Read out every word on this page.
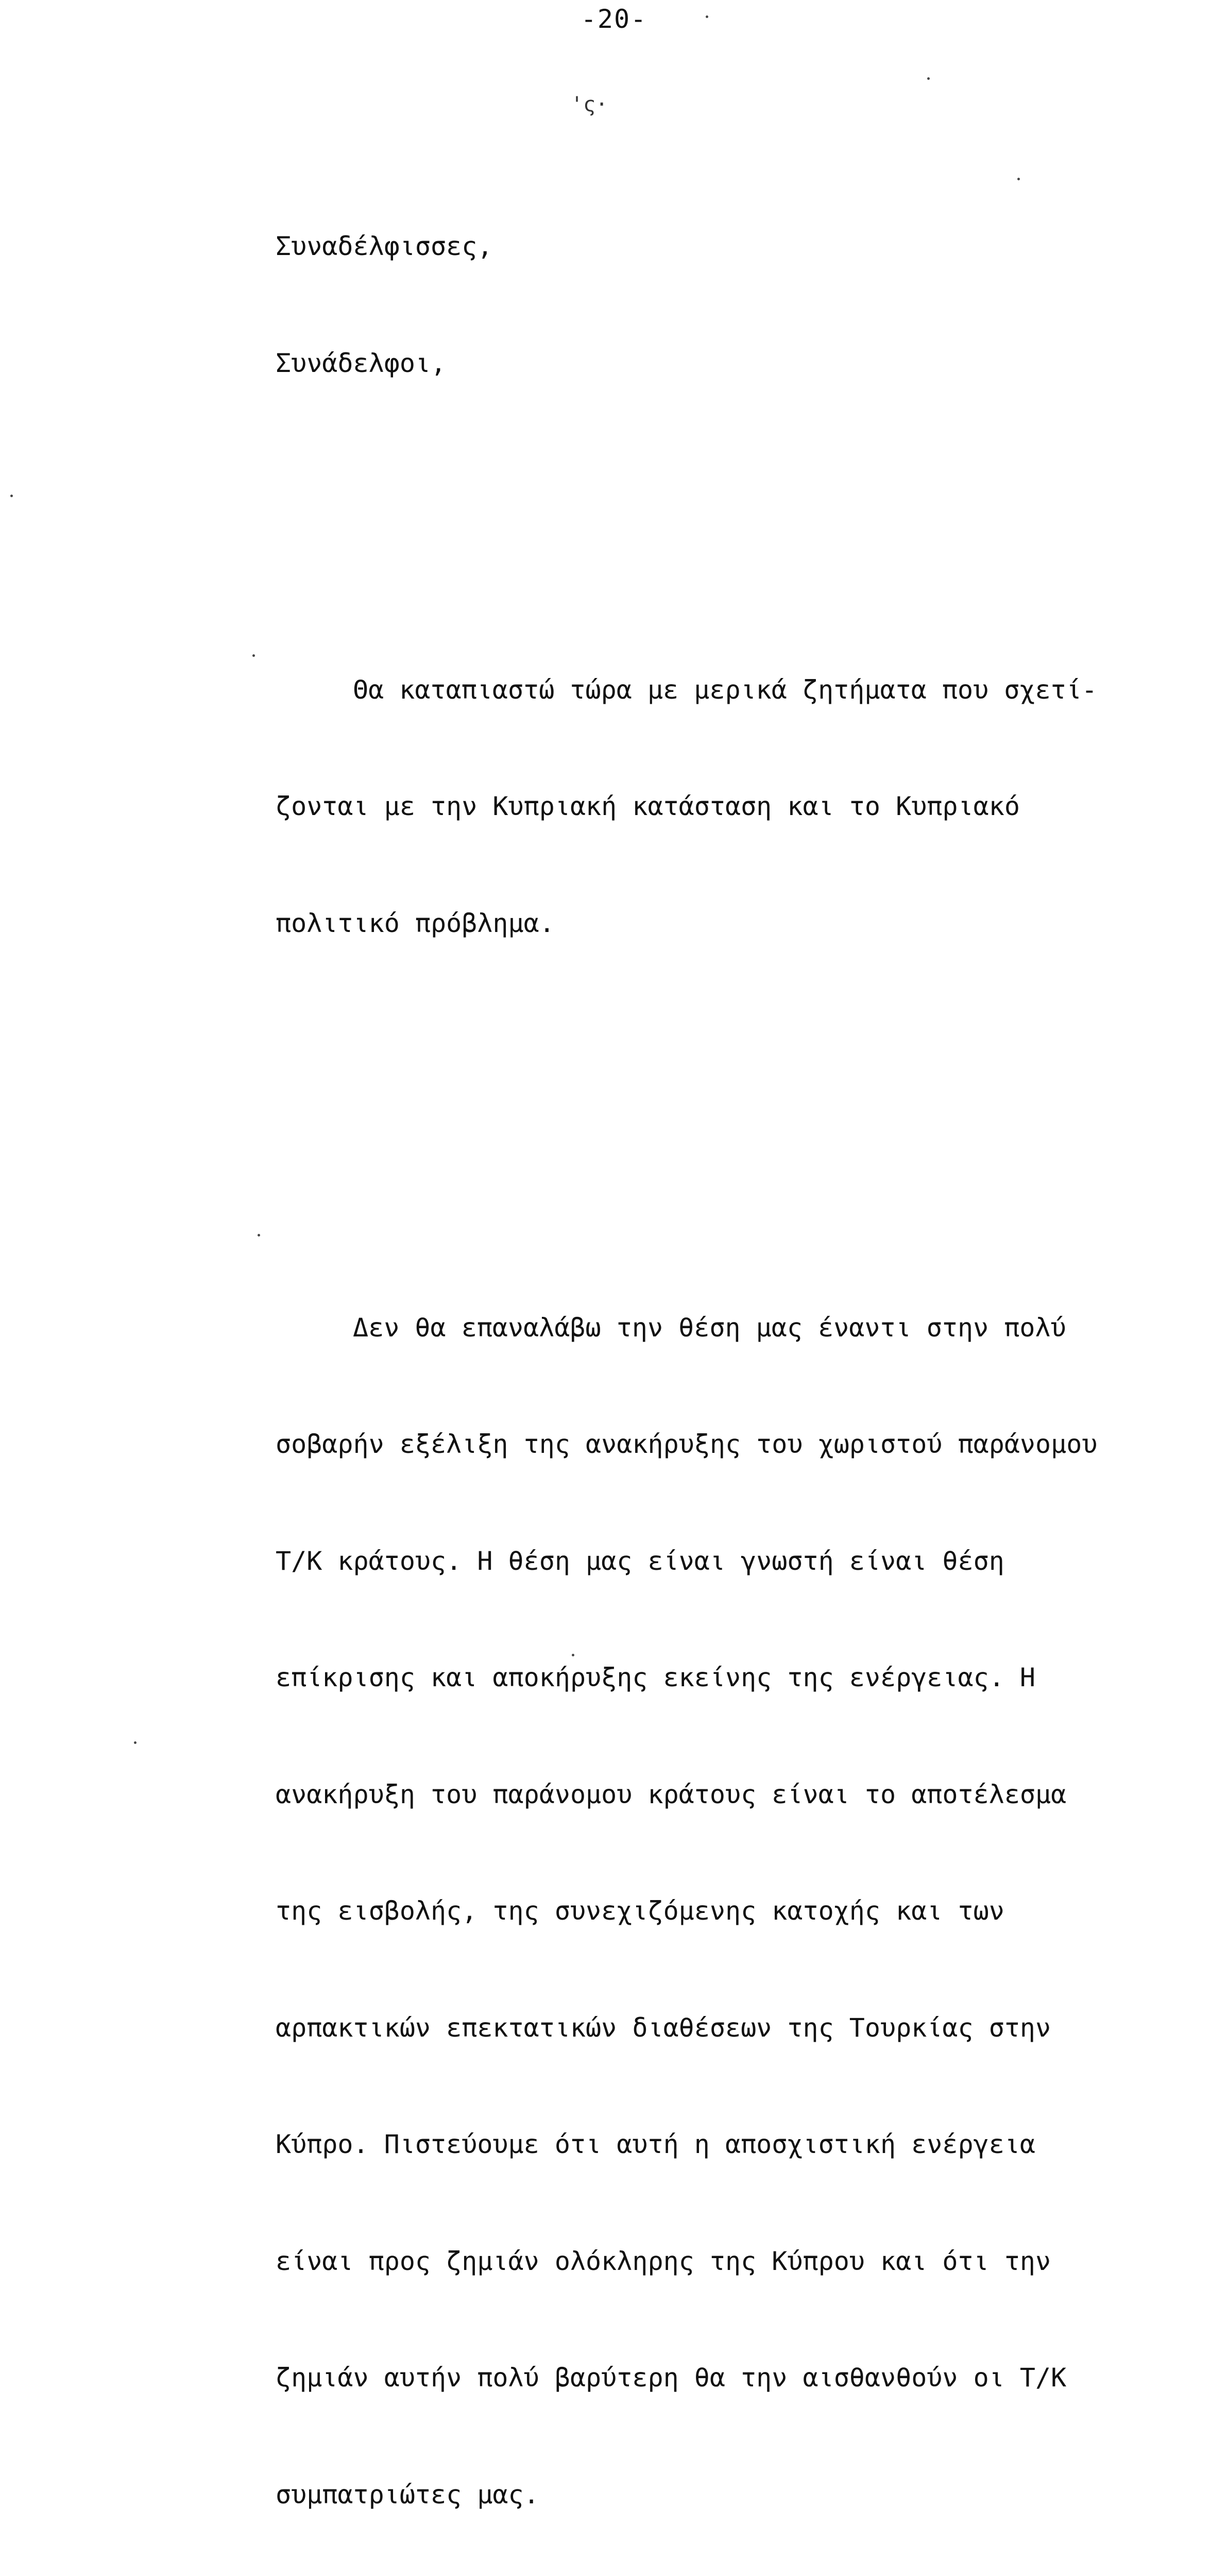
-20-
'ς·

Συναδέλφισσες,

Συνάδελφοι,

Θα καταπιαστώ τώρα με μερικά ζητήματα που σχετί-

ζονται με την Κυπριακή κατάσταση και το Κυπριακό

πολιτικό πρόβλημα.

Δεν θα επαναλάβω την θέση μας έναντι στην πολύ

σοβαρήν εξέλιξη της ανακήρυξης του χωριστού παράνομου

Τ/Κ κράτους. Η θέση μας είναι γνωστή είναι θέση

επίκρισης και αποκήρυξης εκείνης της ενέργειας. Η

ανακήρυξη του παράνομου κράτους είναι το αποτέλεσμα

της εισβολής, της συνεχιζόμενης κατοχής και των

αρπακτικών επεκτατικών διαθέσεων της Τουρκίας στην

Κύπρο. Πιστεύουμε ότι αυτή η αποσχιστική ενέργεια

είναι προς ζημιάν ολόκληρης της Κύπρου και ότι την

ζημιάν αυτήν πολύ βαρύτερη θα την αισθανθούν οι Τ/Κ

συμπατριώτες μας.
